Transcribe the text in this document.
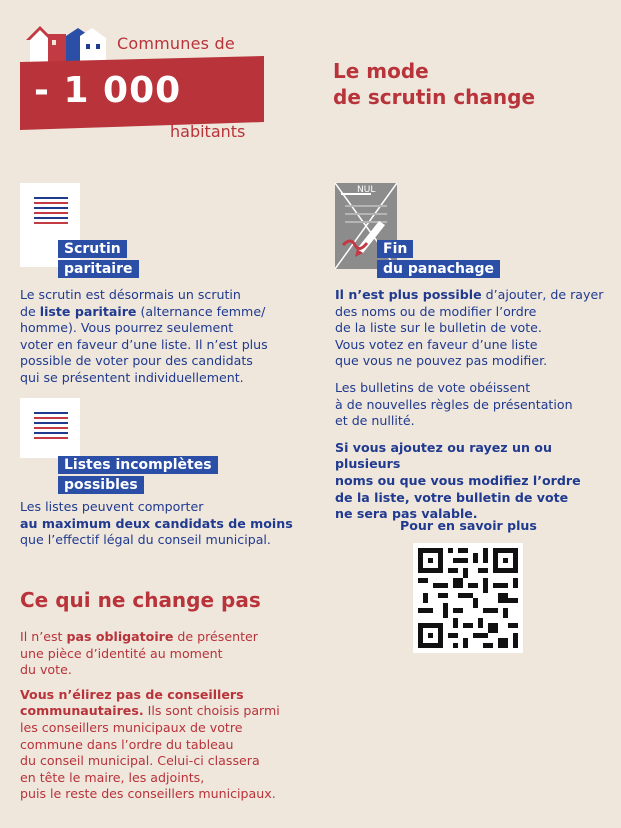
Communes de
- 1 000
habitants
Le mode
de scrutin change
Scrutin
paritaire
Le scrutin est désormais un scrutin
de liste paritaire (alternance femme/
homme). Vous pourrez seulement
voter en faveur d’une liste. Il n’est plus
possible de voter pour des candidats
qui se présentent individuellement.
Listes incomplètes
possibles
Les listes peuvent comporter
au maximum deux candidats de moins
que l’effectif légal du conseil municipal.
NUL
Fin
du panachage
Il n’est plus possible d’ajouter, de rayer
des noms ou de modifier l’ordre
de la liste sur le bulletin de vote.
Vous votez en faveur d’une liste
que vous ne pouvez pas modifier.
Les bulletins de vote obéissent
à de nouvelles règles de présentation
et de nullité.
Si vous ajoutez ou rayez un ou plusieurs
noms ou que vous modifiez l’ordre
de la liste, votre bulletin de vote
ne sera pas valable.
Pour en savoir plus
Ce qui ne change pas
Il n’est pas obligatoire de présenter
une pièce d’identité au moment
du vote.
Vous n’élirez pas de conseillers
communautaires. Ils sont choisis parmi
les conseillers municipaux de votre
commune dans l’ordre du tableau
du conseil municipal. Celui-ci classera
en tête le maire, les adjoints,
puis le reste des conseillers municipaux.
